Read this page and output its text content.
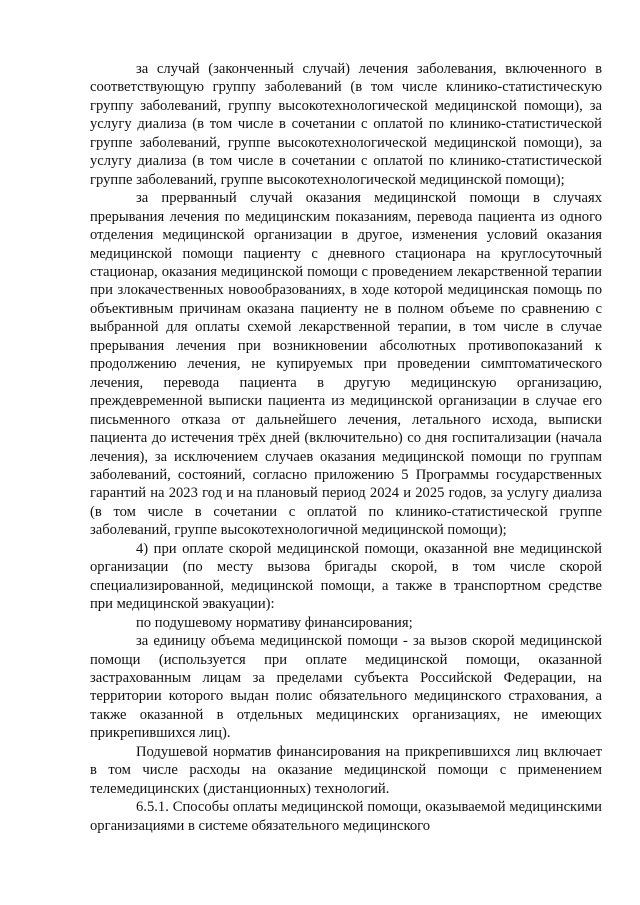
за случай (законченный случай) лечения заболевания, включенного в соответствующую группу заболеваний (в том числе клинико-статистическую группу заболеваний, группу высокотехнологической медицинской помощи), за услугу диализа (в том числе в сочетании с оплатой по клинико-статистической группе заболеваний, группе высокотехнологической медицинской помощи), за услугу диализа (в том числе в сочетании с оплатой по клинико-статистической группе заболеваний, группе высокотехнологической медицинской помощи);

за прерванный случай оказания медицинской помощи в случаях прерывания лечения по медицинским показаниям, перевода пациента из одного отделения медицинской организации в другое, изменения условий оказания медицинской помощи пациенту с дневного стационара на круглосуточный стационар, оказания медицинской помощи с проведением лекарственной терапии при злокачественных новообразованиях, в ходе которой медицинская помощь по объективным причинам оказана пациенту не в полном объеме по сравнению с выбранной для оплаты схемой лекарственной терапии, в том числе в случае прерывания лечения при возникновении абсолютных противопоказаний к продолжению лечения, не купируемых при проведении симптоматического лечения, перевода пациента в другую медицинскую организацию, преждевременной выписки пациента из медицинской организации в случае его письменного отказа от дальнейшего лечения, летального исхода, выписки пациента до истечения трёх дней (включительно) со дня госпитализации (начала лечения), за исключением случаев оказания медицинской помощи по группам заболеваний, состояний, согласно приложению 5 Программы государственных гарантий на 2023 год и на плановый период 2024 и 2025 годов, за услугу диализа (в том числе в сочетании с оплатой по клинико-статистической группе заболеваний, группе высокотехнологичной медицинской помощи);

4) при оплате скорой медицинской помощи, оказанной вне медицинской организации (по месту вызова бригады скорой, в том числе скорой специализированной, медицинской помощи, а также в транспортном средстве при медицинской эвакуации):

по подушевому нормативу финансирования;

за единицу объема медицинской помощи - за вызов скорой медицинской помощи (используется при оплате медицинской помощи, оказанной застрахованным лицам за пределами субъекта Российской Федерации, на территории которого выдан полис обязательного медицинского страхования, а также оказанной в отдельных медицинских организациях, не имеющих прикрепившихся лиц).

Подушевой норматив финансирования на прикрепившихся лиц включает в том числе расходы на оказание медицинской помощи с применением телемедицинских (дистанционных) технологий.

6.5.1. Способы оплаты медицинской помощи, оказываемой медицинскими организациями в системе обязательного медицинского
